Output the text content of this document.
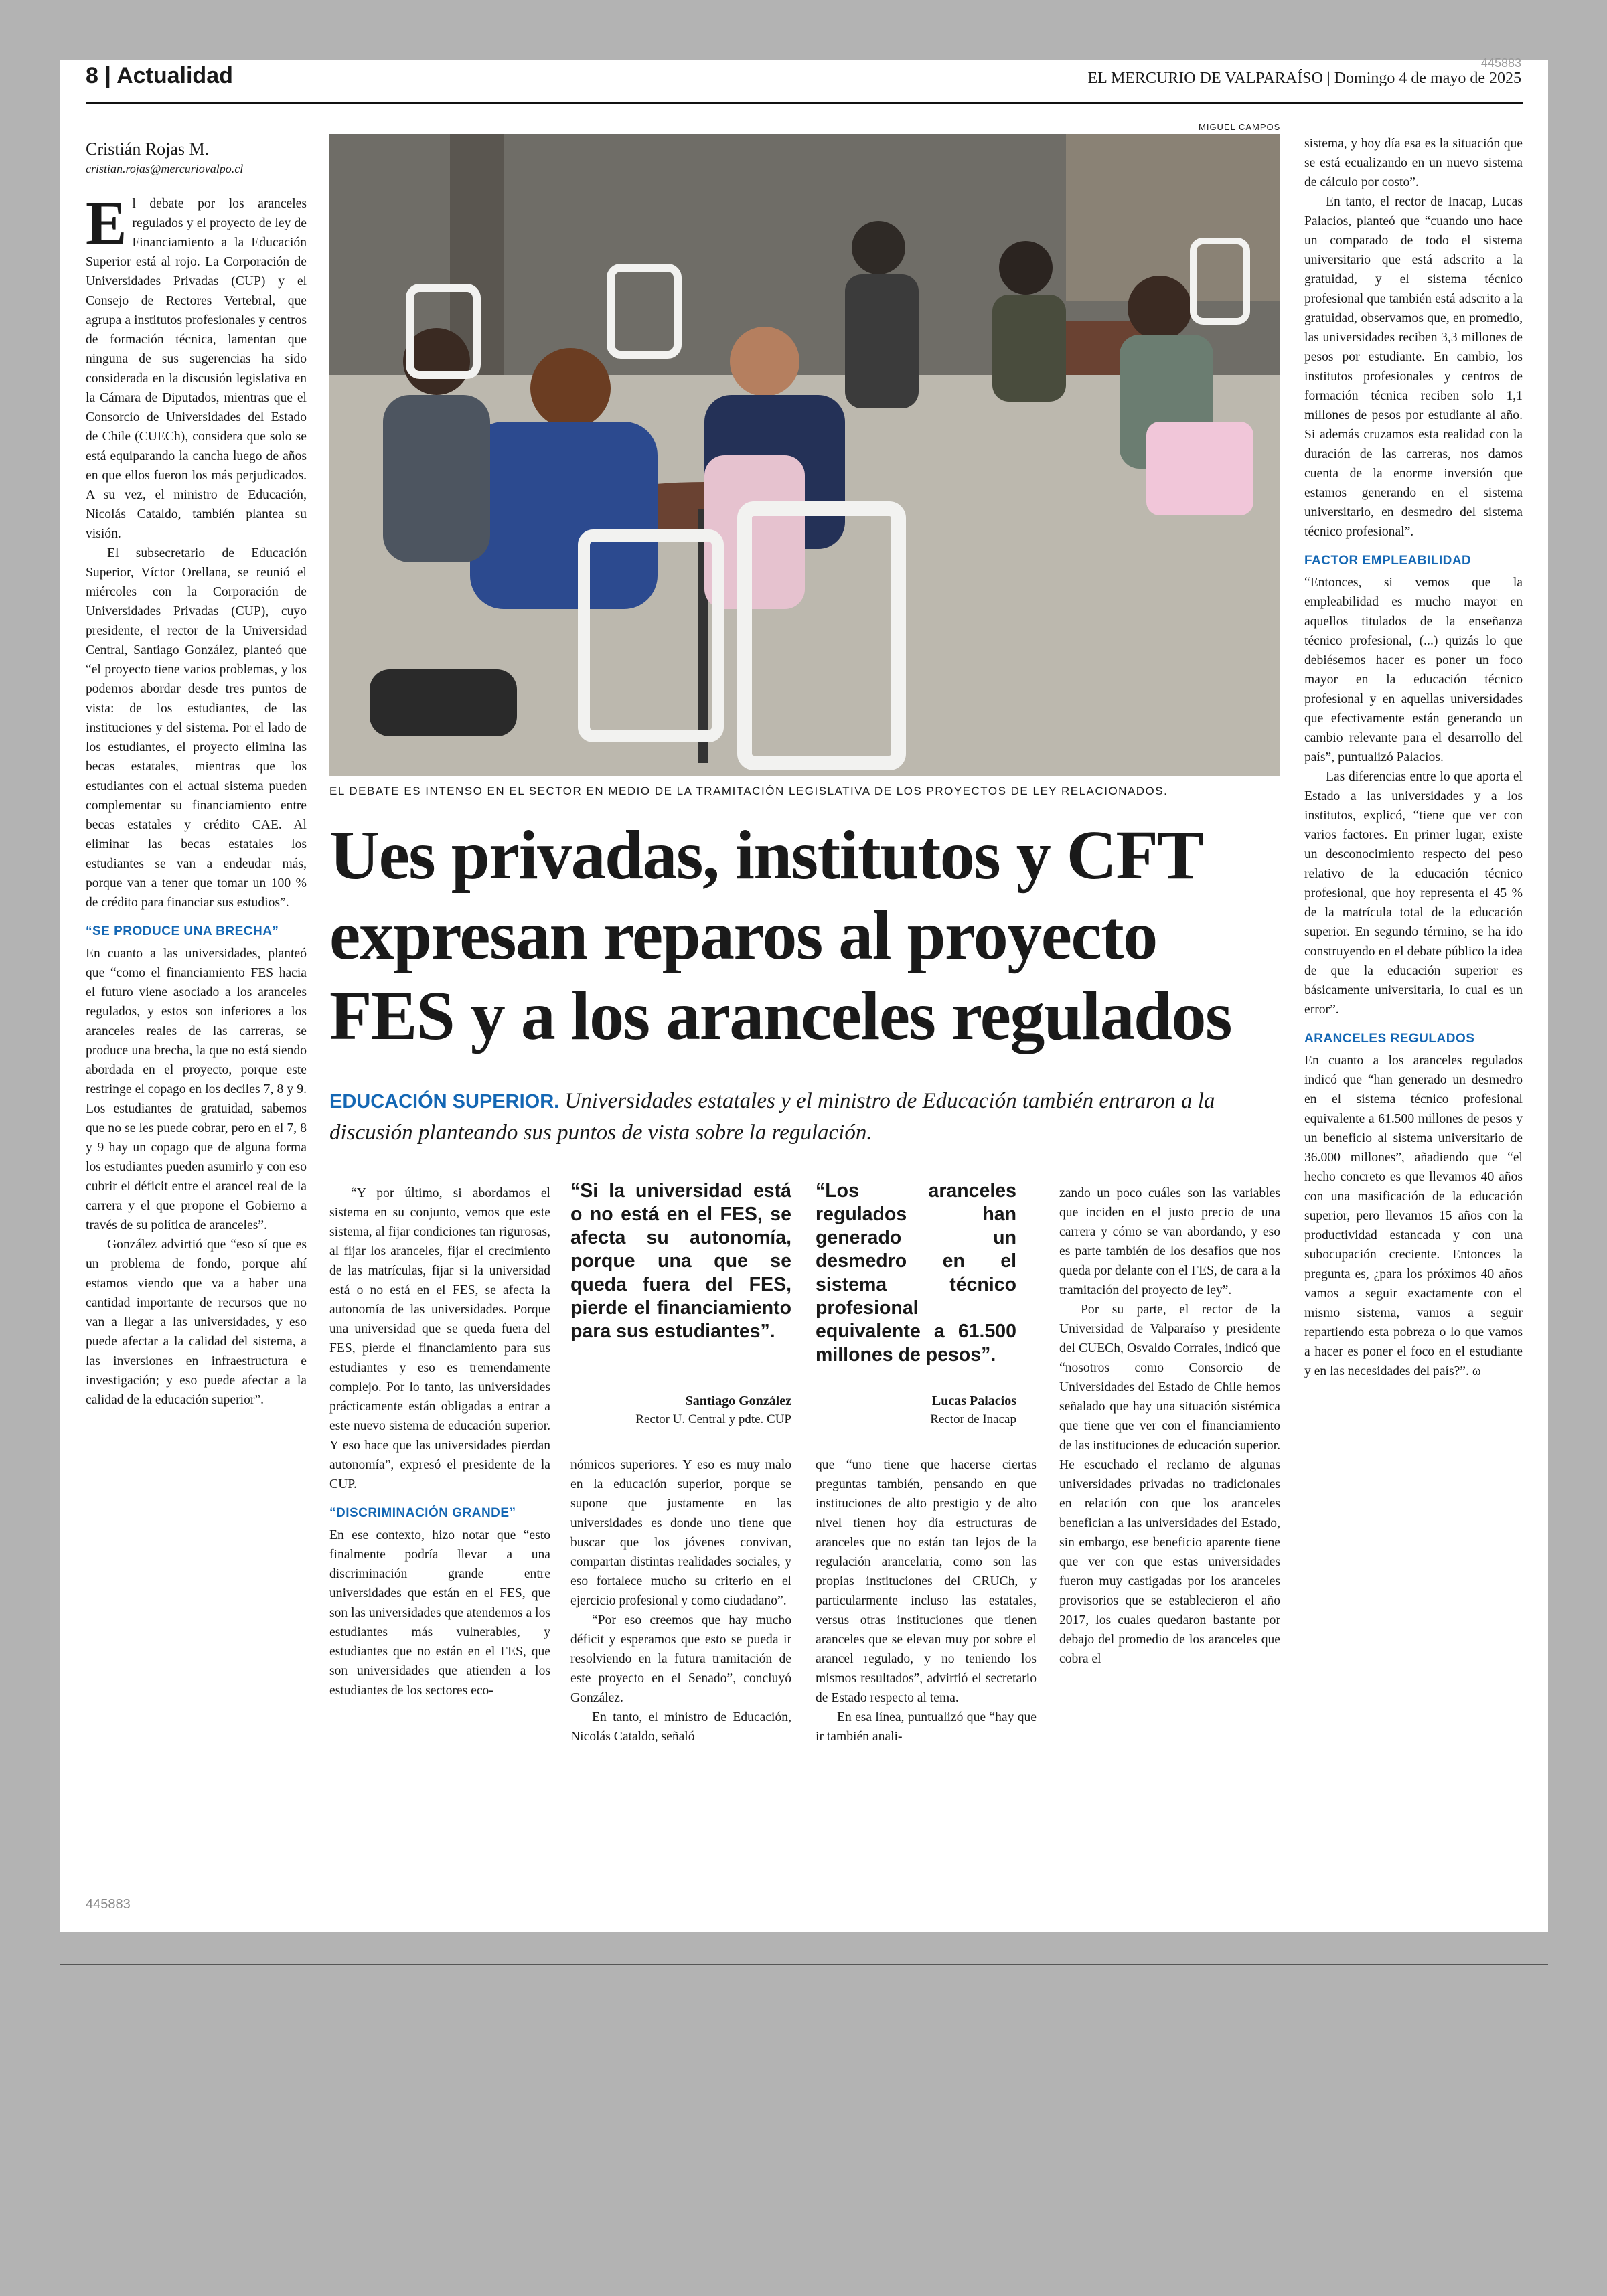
445883
8 | Actualidad	EL MERCURIO DE VALPARAÍSO | Domingo 4 de mayo de 2025
Cristián Rojas M.
cristian.rojas@mercuriovalpo.cl

El debate por los aranceles regulados y el proyecto de ley de Financiamiento a la Educación Superior está al rojo. La Corporación de Universidades Privadas (CUP) y el Consejo de Rectores Vertebral, que agrupa a institutos profesionales y centros de formación técnica, lamentan que ninguna de sus sugerencias ha sido considerada en la discusión legislativa en la Cámara de Diputados, mientras que el Consorcio de Universidades del Estado de Chile (CUECh), considera que solo se está equiparando la cancha luego de años en que ellos fueron los más perjudicados. A su vez, el ministro de Educación, Nicolás Cataldo, también plantea su visión.

El subsecretario de Educación Superior, Víctor Orellana, se reunió el miércoles con la Corporación de Universidades Privadas (CUP), cuyo presidente, el rector de la Universidad Central, Santiago González, planteó que “el proyecto tiene varios problemas, y los podemos abordar desde tres puntos de vista: de los estudiantes, de las instituciones y del sistema. Por el lado de los estudiantes, el proyecto elimina las becas estatales, mientras que los estudiantes con el actual sistema pueden complementar su financiamiento entre becas estatales y crédito CAE. Al eliminar las becas estatales los estudiantes se van a endeudar más, porque van a tener que tomar un 100 % de crédito para financiar sus estudios”.

“SE PRODUCE UNA BRECHA”

En cuanto a las universidades, planteó que “como el financiamiento FES hacia el futuro viene asociado a los aranceles regulados, y estos son inferiores a los aranceles reales de las carreras, se produce una brecha, la que no está siendo abordada en el proyecto, porque este restringe el copago en los deciles 7, 8 y 9. Los estudiantes de gratuidad, sabemos que no se les puede cobrar, pero en el 7, 8 y 9 hay un copago que de alguna forma los estudiantes pueden asumirlo y con eso cubrir el déficit entre el arancel real de la carrera y el que propone el Gobierno a través de su política de aranceles”.

González advirtió que “eso sí que es un problema de fondo, porque ahí estamos viendo que va a haber una cantidad importante de recursos que no van a llegar a las universidades, y eso puede afectar a la calidad del sistema, a las inversiones en infraestructura e investigación; y eso puede afectar a la calidad de la educación superior”.

MIGUEL CAMPOS
EL DEBATE ES INTENSO EN EL SECTOR EN MEDIO DE LA TRAMITACIÓN LEGISLATIVA DE LOS PROYECTOS DE LEY RELACIONADOS.
Ues privadas, institutos y CFT expresan reparos al proyecto FES y a los aranceles regulados
EDUCACIÓN SUPERIOR. Universidades estatales y el ministro de Educación también entraron a la discusión planteando sus puntos de vista sobre la regulación.

“Y por último, si abordamos el sistema en su conjunto, vemos que este sistema, al fijar condiciones tan rigurosas, al fijar los aranceles, fijar el crecimiento de las matrículas, fijar si la universidad está o no está en el FES, se afecta la autonomía de las universidades. Porque una universidad que se queda fuera del FES, pierde el financiamiento para sus estudiantes y eso es tremendamente complejo. Por lo tanto, las universidades prácticamente están obligadas a entrar a este nuevo sistema de educación superior. Y eso hace que las universidades pierdan autonomía”, expresó el presidente de la CUP.

“DISCRIMINACIÓN GRANDE”

En ese contexto, hizo notar que “esto finalmente podría llevar a una discriminación grande entre universidades que están en el FES, que son las universidades que atendemos a los estudiantes más vulnerables, y estudiantes que no están en el FES, que son universidades que atienden a los estudiantes de los sectores eco-

“Si la universidad está o no está en el FES, se afecta su autonomía, porque una que se queda fuera del FES, pierde el financiamiento para sus estudiantes”.
Santiago González
Rector U. Central y pdte. CUP
“Los aranceles regulados han generado un desmedro en el sistema técnico profesional equivalente a 61.500 millones de pesos”.
Lucas Palacios
Rector de Inacap

nómicos superiores. Y eso es muy malo en la educación superior, porque se supone que justamente en las universidades es donde uno tiene que buscar que los jóvenes convivan, compartan distintas realidades sociales, y eso fortalece mucho su criterio en el ejercicio profesional y como ciudadano”.

“Por eso creemos que hay mucho déficit y esperamos que esto se pueda ir resolviendo en la futura tramitación de este proyecto en el Senado”, concluyó González.

En tanto, el ministro de Educación, Nicolás Cataldo, señaló

que “uno tiene que hacerse ciertas preguntas también, pensando en que instituciones de alto prestigio y de alto nivel tienen hoy día estructuras de aranceles que no están tan lejos de la regulación arancelaria, como son las propias instituciones del CRUCh, y particularmente incluso las estatales, versus otras instituciones que tienen aranceles que se elevan muy por sobre el arancel regulado, y no teniendo los mismos resultados”, advirtió el secretario de Estado respecto al tema.

En esa línea, puntualizó que “hay que ir también anali-

zando un poco cuáles son las variables que inciden en el justo precio de una carrera y cómo se van abordando, y eso es parte también de los desafíos que nos queda por delante con el FES, de cara a la tramitación del proyecto de ley”.

Por su parte, el rector de la Universidad de Valparaíso y presidente del CUECh, Osvaldo Corrales, indicó que “nosotros como Consorcio de Universidades del Estado de Chile hemos señalado que hay una situación sistémica que tiene que ver con el financiamiento de las instituciones de educación superior. He escuchado el reclamo de algunas universidades privadas no tradicionales en relación con que los aranceles benefician a las universidades del Estado, sin embargo, ese beneficio aparente tiene que ver con que estas universidades fueron muy castigadas por los aranceles provisorios que se establecieron el año 2017, los cuales quedaron bastante por debajo del promedio de los aranceles que cobra el

sistema, y hoy día esa es la situación que se está ecualizando en un nuevo sistema de cálculo por costo”.

En tanto, el rector de Inacap, Lucas Palacios, planteó que “cuando uno hace un comparado de todo el sistema universitario que está adscrito a la gratuidad, y el sistema técnico profesional que también está adscrito a la gratuidad, observamos que, en promedio, las universidades reciben 3,3 millones de pesos por estudiante. En cambio, los institutos profesionales y centros de formación técnica reciben solo 1,1 millones de pesos por estudiante al año. Si además cruzamos esta realidad con la duración de las carreras, nos damos cuenta de la enorme inversión que estamos generando en el sistema universitario, en desmedro del sistema técnico profesional”.

FACTOR EMPLEABILIDAD

“Entonces, si vemos que la empleabilidad es mucho mayor en aquellos titulados de la enseñanza técnico profesional, (...) quizás lo que debiésemos hacer es poner un foco mayor en la educación técnico profesional y en aquellas universidades que efectivamente están generando un cambio relevante para el desarrollo del país”, puntualizó Palacios.

Las diferencias entre lo que aporta el Estado a las universidades y a los institutos, explicó, “tiene que ver con varios factores. En primer lugar, existe un desconocimiento respecto del peso relativo de la educación técnico profesional, que hoy representa el 45 % de la matrícula total de la educación superior. En segundo término, se ha ido construyendo en el debate público la idea de que la educación superior es básicamente universitaria, lo cual es un error”.

ARANCELES REGULADOS

En cuanto a los aranceles regulados indicó que “han generado un desmedro en el sistema técnico profesional equivalente a 61.500 millones de pesos y un beneficio al sistema universitario de 36.000 millones”, añadiendo que “el hecho concreto es que llevamos 40 años con una masificación de la educación superior, pero llevamos 15 años con la productividad estancada y con una subocupación creciente. Entonces la pregunta es, ¿para los próximos 40 años vamos a seguir exactamente con el mismo sistema, vamos a seguir repartiendo esta pobreza o lo que vamos a hacer es poner el foco en el estudiante y en las necesidades del país?”. ω

445883
